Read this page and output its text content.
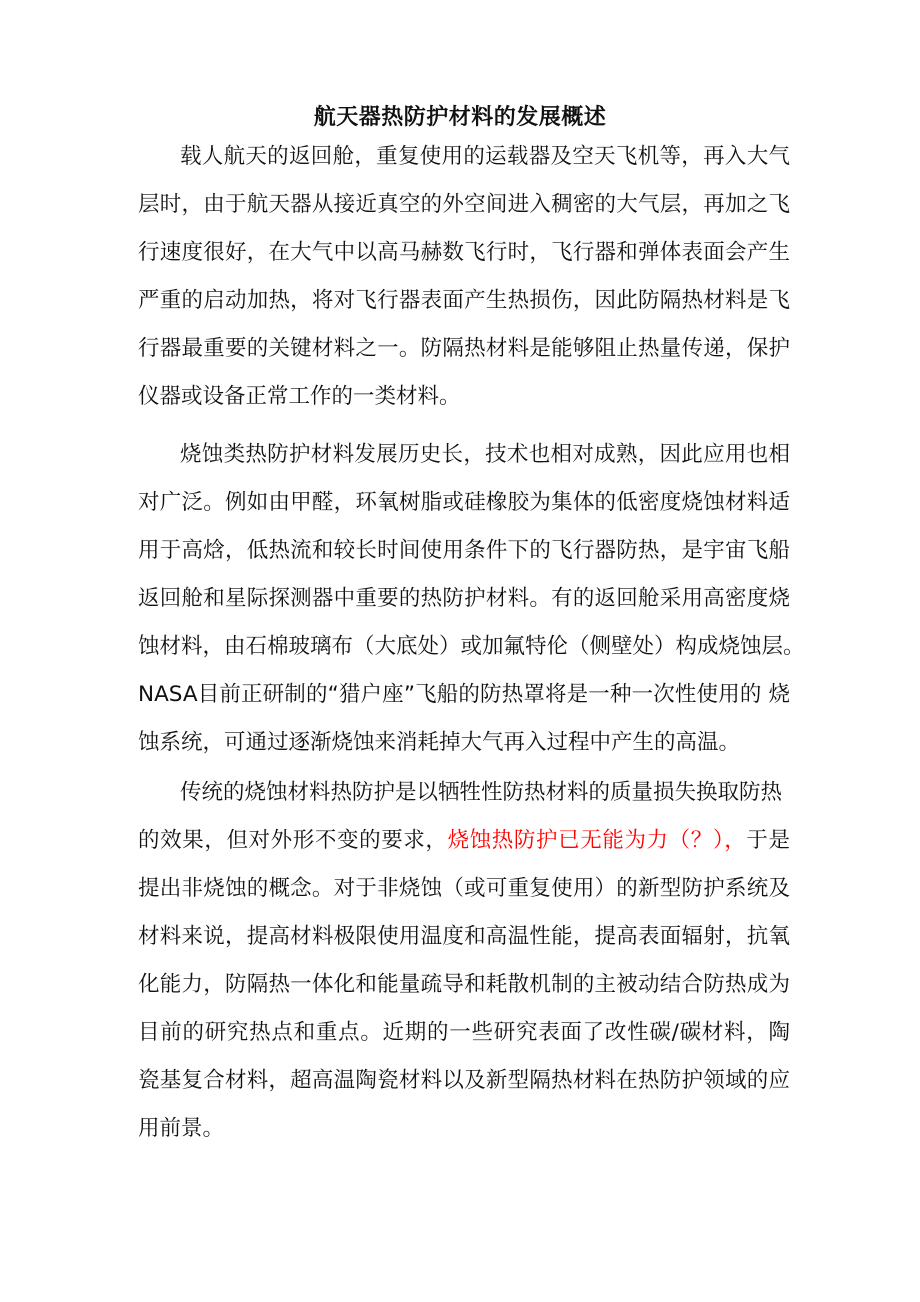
航天器热防护材料的发展概述
载人航天的返回舱，重复使用的运载器及空天飞机等，再入大气
层时，由于航天器从接近真空的外空间进入稠密的大气层，再加之飞
行速度很好，在大气中以高马赫数飞行时，飞行器和弹体表面会产生
严重的启动加热，将对飞行器表面产生热损伤，因此防隔热材料是飞
行器最重要的关键材料之一。防隔热材料是能够阻止热量传递，保护
仪器或设备正常工作的一类材料。
烧蚀类热防护材料发展历史长，技术也相对成熟，因此应用也相
对广泛。例如由甲醛，环氧树脂或硅橡胶为集体的低密度烧蚀材料适
用于高焓，低热流和较长时间使用条件下的飞行器防热，是宇宙飞船
返回舱和星际探测器中重要的热防护材料。有的返回舱采用高密度烧
蚀材料，由石棉玻璃布（大底处）或加氟特伦（侧壁处）构成烧蚀层。
NASA目前正研制的“猎户座”飞船的防热罩将是一种一次性使用的 烧
蚀系统，可通过逐渐烧蚀来消耗掉大气再入过程中产生的高温。
传统的烧蚀材料热防护是以牺牲性防热材料的质量损失换取防热
的效果，但对外形不变的要求，烧蚀热防护已无能为力（？），于是
提出非烧蚀的概念。对于非烧蚀（或可重复使用）的新型防护系统及
材料来说，提高材料极限使用温度和高温性能，提高表面辐射，抗氧
化能力，防隔热一体化和能量疏导和耗散机制的主被动结合防热成为
目前的研究热点和重点。近期的一些研究表面了改性碳/碳材料，陶
瓷基复合材料，超高温陶瓷材料以及新型隔热材料在热防护领域的应
用前景。
